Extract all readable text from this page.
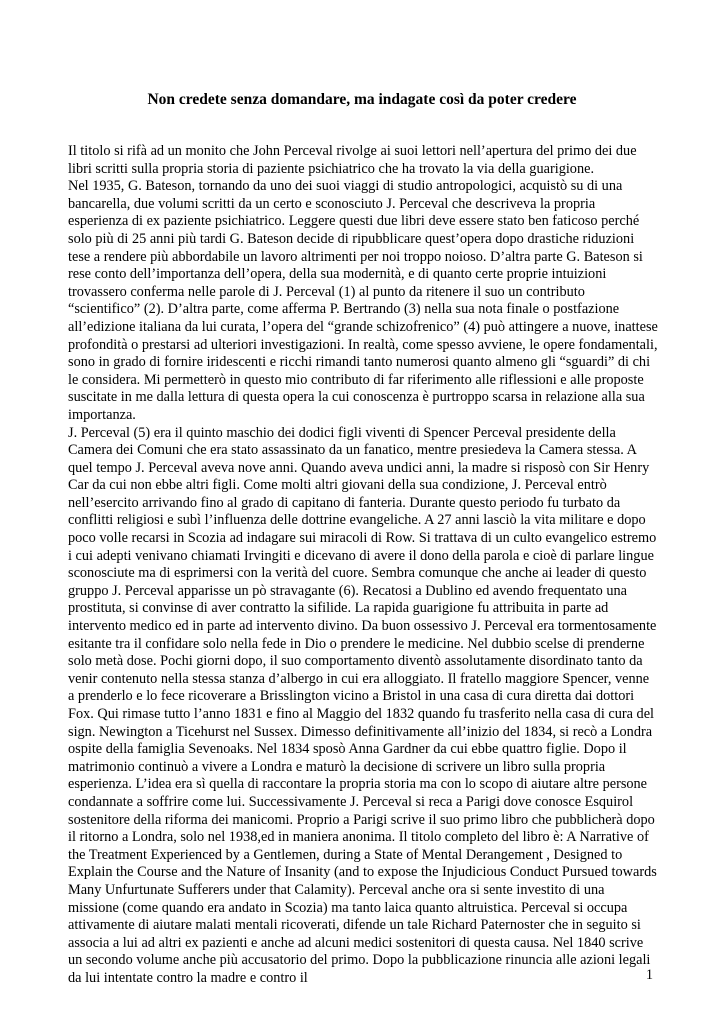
Non credete senza domandare, ma indagate così da poter credere

Il titolo si rifà ad un monito che John Perceval rivolge ai suoi lettori nell’apertura del primo dei due libri scritti sulla propria storia di paziente psichiatrico che ha trovato la via della guarigione.

Nel 1935, G. Bateson, tornando da uno dei suoi viaggi di studio antropologici, acquistò su di una bancarella, due volumi scritti da un certo e sconosciuto J. Perceval che descriveva la propria esperienza di ex paziente psichiatrico. Leggere questi due libri deve essere stato ben faticoso perché solo più di 25 anni più tardi G. Bateson decide di ripubblicare quest’opera dopo drastiche riduzioni tese a rendere più abbordabile un lavoro altrimenti per noi troppo noioso. D’altra parte G. Bateson si rese conto dell’importanza dell’opera, della sua modernità, e di quanto certe proprie intuizioni trovassero conferma nelle parole di J. Perceval (1) al punto da ritenere il suo un contributo “scientifico” (2). D’altra parte, come afferma P. Bertrando (3) nella sua nota finale o postfazione all’edizione italiana da lui curata, l’opera del “grande schizofrenico” (4) può attingere a nuove, inattese profondità o prestarsi ad ulteriori investigazioni. In realtà, come spesso avviene, le opere fondamentali, sono in grado di fornire iridescenti e ricchi rimandi tanto numerosi quanto almeno gli “sguardi” di chi le considera. Mi permetterò in questo mio contributo di far riferimento alle riflessioni e alle proposte suscitate in me dalla lettura di questa opera la cui conoscenza è purtroppo scarsa in relazione alla sua importanza.

J. Perceval (5) era il quinto maschio dei dodici figli viventi di Spencer Perceval presidente della Camera dei Comuni che era stato assassinato da un fanatico, mentre presiedeva la Camera stessa. A quel tempo J. Perceval aveva nove anni. Quando aveva undici anni, la madre si risposò con Sir Henry Car da cui non ebbe altri figli. Come molti altri giovani della sua condizione, J. Perceval entrò nell’esercito arrivando fino al grado di capitano di fanteria. Durante questo periodo fu turbato da conflitti religiosi e subì l’influenza delle dottrine evangeliche. A 27 anni lasciò la vita militare e dopo poco volle recarsi in Scozia ad indagare sui miracoli di Row. Si trattava di un culto evangelico estremo i cui adepti venivano chiamati Irvingiti e dicevano di avere il dono della parola e cioè di parlare lingue sconosciute ma di esprimersi con la verità del cuore. Sembra comunque che anche ai leader di questo gruppo J. Perceval apparisse un pò stravagante (6). Recatosi a Dublino ed avendo frequentato una prostituta, si convinse di aver contratto la sifilide. La rapida guarigione fu attribuita in parte ad intervento medico ed in parte ad intervento divino. Da buon ossessivo J. Perceval era tormentosamente esitante tra il confidare solo nella fede in Dio o prendere le medicine. Nel dubbio scelse di prenderne solo metà dose. Pochi giorni dopo, il suo comportamento diventò assolutamente disordinato tanto da venir contenuto nella stessa stanza d’albergo in cui era alloggiato. Il fratello maggiore Spencer, venne a prenderlo e lo fece ricoverare a Brisslington vicino a Bristol in una casa di cura diretta dai dottori Fox. Qui rimase tutto l’anno 1831 e fino al Maggio del 1832 quando fu trasferito nella casa di cura del sign. Newington a Ticehurst nel Sussex. Dimesso definitivamente all’inizio del 1834, si recò a Londra ospite della famiglia Sevenoaks. Nel 1834 sposò Anna Gardner da cui ebbe quattro figlie. Dopo il matrimonio continuò a vivere a Londra e maturò la decisione di scrivere un libro sulla propria esperienza. L’idea era sì quella di raccontare la propria storia ma con lo scopo di aiutare altre persone condannate a soffrire come lui. Successivamente J. Perceval si reca a Parigi dove conosce Esquirol sostenitore della riforma dei manicomi. Proprio a Parigi scrive il suo primo libro che pubblicherà dopo il ritorno a Londra, solo nel 1938,ed in maniera anonima. Il titolo completo del libro è: A Narrative of the Treatment Experienced by a Gentlemen, during a State of Mental Derangement , Designed to Explain the Course and the Nature of Insanity (and to expose the Injudicious Conduct Pursued towards Many Unfurtunate Sufferers under that Calamity). Perceval anche ora si sente investito di una missione (come quando era andato in Scozia) ma tanto laica quanto altruistica. Perceval si occupa attivamente di aiutare malati mentali ricoverati, difende un tale Richard Paternoster che in seguito si associa a lui ad altri ex pazienti e anche ad alcuni medici sostenitori di questa causa. Nel 1840 scrive un secondo volume anche più accusatorio del primo. Dopo la pubblicazione rinuncia alle azioni legali da lui intentate contro la madre e contro il	1
